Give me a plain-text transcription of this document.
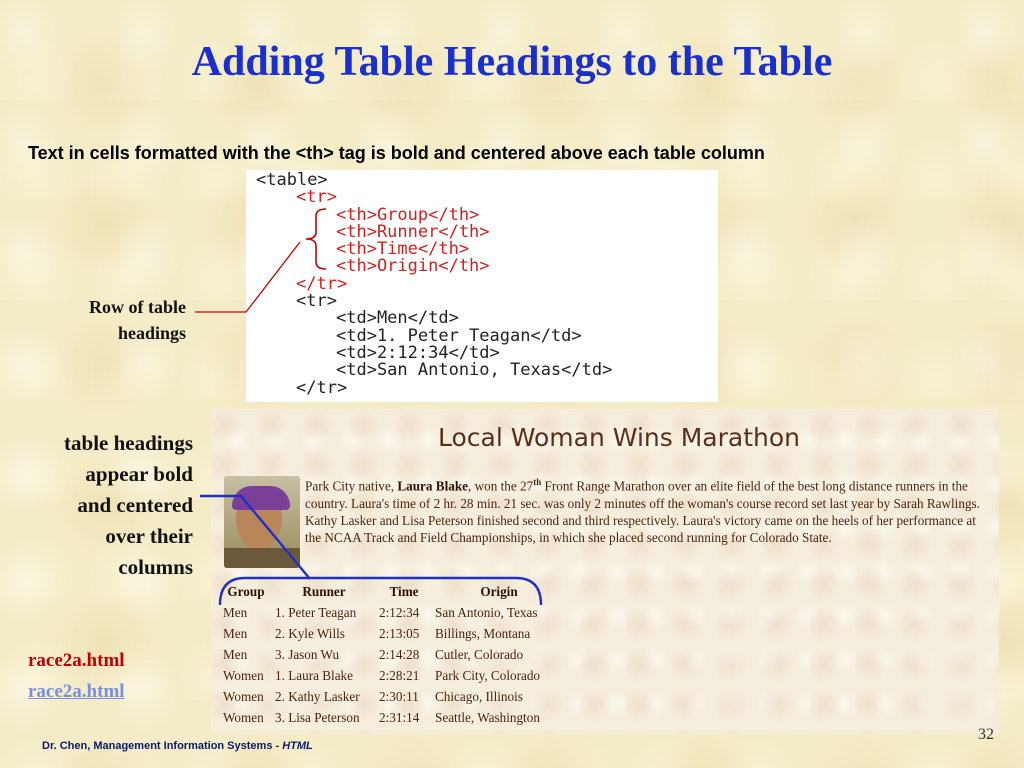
Adding Table Headings to the Table
Text in cells formatted with the <th> tag is bold and centered above each table column
<table>
<tr>
<th>Group</th>
<th>Runner</th>
<th>Time</th>
<th>Origin</th>
</tr>
<tr>
<td>Men</td>
<td>1. Peter Teagan</td>
<td>2:12:34</td>
<td>San Antonio, Texas</td>
</tr>
Row of table
headings
table headings
appear bold
and centered
over their
columns
race2a.html
race2a.html
Local Woman Wins Marathon
Park City native, Laura Blake, won the 27th Front Range Marathon over an elite field of the best long distance runners in the country. Laura's time of 2 hr. 28 min. 21 sec. was only 2 minutes off the woman's course record set last year by Sarah Rawlings. Kathy Lasker and Lisa Peterson finished second and third respectively. Laura's victory came on the heels of her performance at the NCAA Track and Field Championships, in which she placed second running for Colorado State.
Group	Runner	Time	Origin
Men	1. Peter Teagan	2:12:34	San Antonio, Texas
Men	2. Kyle Wills	2:13:05	Billings, Montana
Men	3. Jason Wu	2:14:28	Cutler, Colorado
Women	1. Laura Blake	2:28:21	Park City, Colorado
Women	2. Kathy Lasker	2:30:11	Chicago, Illinois
Women	3. Lisa Peterson	2:31:14	Seattle, Washington
Dr. Chen, Management Information Systems - HTML
32
